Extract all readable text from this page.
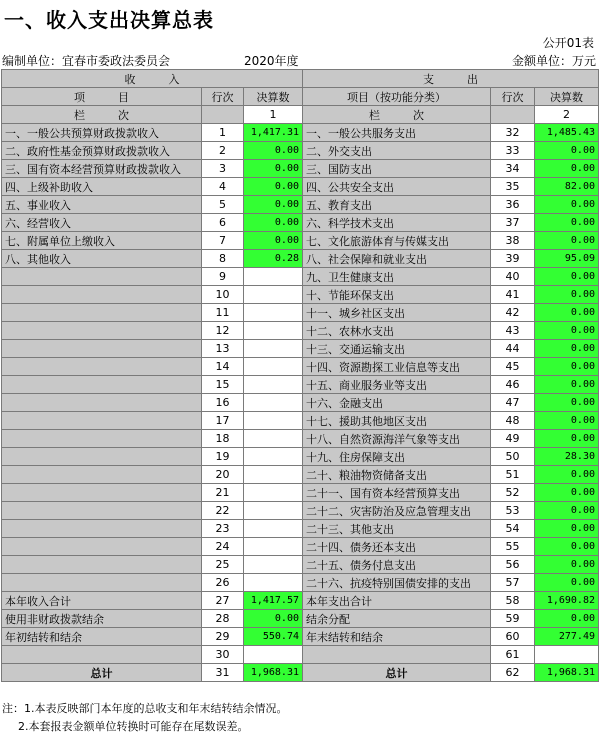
一、收入支出决算总表
公开01表
编制单位：宜春市委政法委员会	2020年度	金额单位：万元
收　　　入			支　　　出		
项　　　目	行次	决算数	项目（按功能分类）	行次	决算数
栏　　　次		1	栏　　　次		2
一、一般公共预算财政拨款收入	1	1,417.31	一、一般公共服务支出	32	1,485.43
二、政府性基金预算财政拨款收入	2	0.00	二、外交支出	33	0.00
三、国有资本经营预算财政拨款收入	3	0.00	三、国防支出	34	0.00
四、上级补助收入	4	0.00	四、公共安全支出	35	82.00
五、事业收入	5	0.00	五、教育支出	36	0.00
六、经营收入	6	0.00	六、科学技术支出	37	0.00
七、附属单位上缴收入	7	0.00	七、文化旅游体育与传媒支出	38	0.00
八、其他收入	8	0.28	八、社会保障和就业支出	39	95.09
	9		九、卫生健康支出	40	0.00
	10		十、节能环保支出	41	0.00
	11		十一、城乡社区支出	42	0.00
	12		十二、农林水支出	43	0.00
	13		十三、交通运输支出	44	0.00
	14		十四、资源勘探工业信息等支出	45	0.00
	15		十五、商业服务业等支出	46	0.00
	16		十六、金融支出	47	0.00
	17		十七、援助其他地区支出	48	0.00
	18		十八、自然资源海洋气象等支出	49	0.00
	19		十九、住房保障支出	50	28.30
	20		二十、粮油物资储备支出	51	0.00
	21		二十一、国有资本经营预算支出	52	0.00
	22		二十二、灾害防治及应急管理支出	53	0.00
	23		二十三、其他支出	54	0.00
	24		二十四、债务还本支出	55	0.00
	25		二十五、债务付息支出	56	0.00
	26		二十六、抗疫特别国债安排的支出	57	0.00
本年收入合计	27	1,417.57	本年支出合计	58	1,690.82
使用非财政拨款结余	28	0.00	结余分配	59	0.00
年初结转和结余	29	550.74	年末结转和结余	60	277.49
	30			61	
总计	31	1,968.31	总计	62	1,968.31
注：1.本表反映部门本年度的总收支和年末结转结余情况。
2.本套报表金额单位转换时可能存在尾数误差。
